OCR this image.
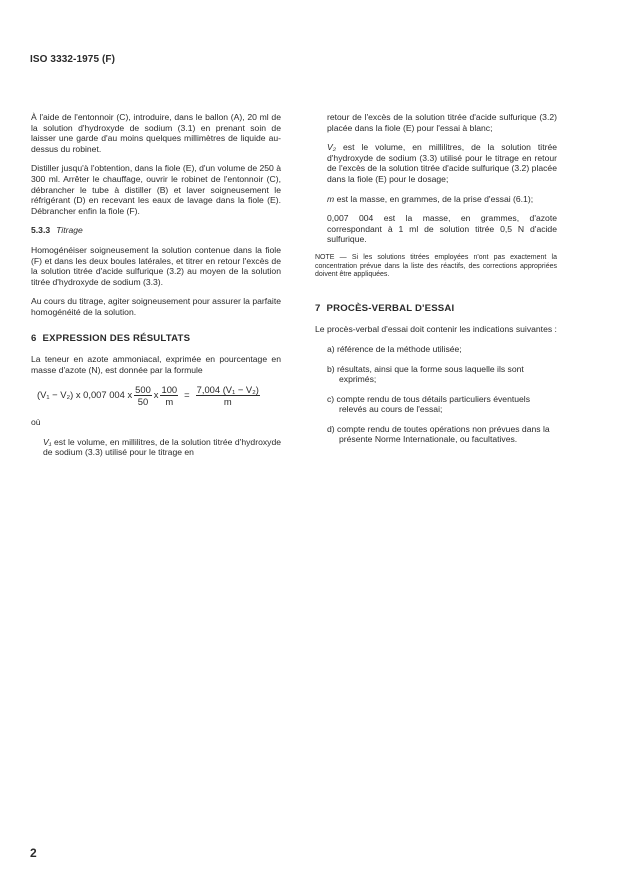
ISO 3332-1975 (F)

À l'aide de l'entonnoir (C), introduire, dans le ballon (A), 20 ml de la solution d'hydroxyde de sodium (3.1) en prenant soin de laisser une garde d'au moins quelques millimètres de liquide au-dessus du robinet.

Distiller jusqu'à l'obtention, dans la fiole (E), d'un volume de 250 à 300 ml. Arrêter le chauffage, ouvrir le robinet de l'entonnoir (C), débrancher le tube à distiller (B) et laver soigneusement le réfrigérant (D) en recevant les eaux de lavage dans la fiole (E). Débrancher enfin la fiole (F).

5.3.3 Titrage

Homogénéiser soigneusement la solution contenue dans la fiole (F) et dans les deux boules latérales, et titrer en retour l'excès de la solution titrée d'acide sulfurique (3.2) au moyen de la solution titrée d'hydroxyde de sodium (3.3).

Au cours du titrage, agiter soigneusement pour assurer la parfaite homogénéité de la solution.

6 EXPRESSION DES RÉSULTATS

La teneur en azote ammoniacal, exprimée en pourcentage en masse d'azote (N), est donnée par la formule

(V₁ − V₂) x 0,007 004 x $\frac{500}{50}$ x $\frac{100}{m} = \frac{\text{7,004 (V₁ − V₂)}}{m}$

où

V₁ est le volume, en millilitres, de la solution titrée d'hydroxyde de sodium (3.3) utilisé pour le titrage en

retour de l'excès de la solution titrée d'acide sulfurique (3.2) placée dans la fiole (E) pour l'essai à blanc;

V₂ est le volume, en millilitres, de la solution titrée d'hydroxyde de sodium (3.3) utilisé pour le titrage en retour de l'excès de la solution titrée d'acide sulfurique (3.2) placée dans la fiole (E) pour le dosage;

m est la masse, en grammes, de la prise d'essai (6.1);

0,007 004 est la masse, en grammes, d'azote correspondant à 1 ml de solution titrée 0,5 N d'acide sulfurique.

NOTE — Si les solutions titrées employées n'ont pas exactement la concentration prévue dans la liste des réactifs, des corrections appropriées doivent être appliquées.
7 PROCÈS-VERBAL D'ESSAI

Le procès-verbal d'essai doit contenir les indications suivantes :

a) référence de la méthode utilisée;
b) résultats, ainsi que la forme sous laquelle ils sont exprimés;
c) compte rendu de tous détails particuliers éventuels relevés au cours de l'essai;
d) compte rendu de toutes opérations non prévues dans la présente Norme Internationale, ou facultatives.
2
